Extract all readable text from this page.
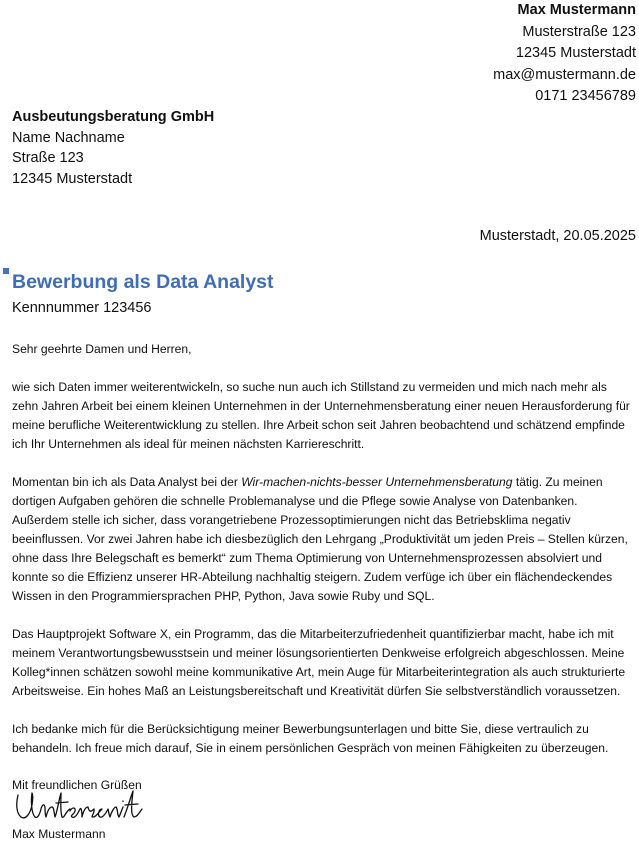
Max Mustermann
Musterstraße 123
12345 Musterstadt
max@mustermann.de
0171 23456789
Ausbeutungsberatung GmbH
Name Nachname
Straße 123
12345 Musterstadt
Musterstadt, 20.05.2025
Bewerbung als Data Analyst
Kennnummer 123456

Sehr geehrte Damen und Herren,

wie sich Daten immer weiterentwickeln, so suche nun auch ich Stillstand zu vermeiden und mich nach mehr als zehn Jahren Arbeit bei einem kleinen Unternehmen in der Unternehmensberatung einer neuen Herausforderung für meine berufliche Weiterentwicklung zu stellen. Ihre Arbeit schon seit Jahren beobachtend und schätzend empfinde ich Ihr Unternehmen als ideal für meinen nächsten Karriereschritt.

Momentan bin ich als Data Analyst bei der Wir-machen-nichts-besser Unternehmensberatung tätig. Zu meinen dortigen Aufgaben gehören die schnelle Problemanalyse und die Pflege sowie Analyse von Datenbanken. Außerdem stelle ich sicher, dass vorangetriebene Prozessoptimierungen nicht das Betriebsklima negativ beeinflussen. Vor zwei Jahren habe ich diesbezüglich den Lehrgang „Produktivität um jeden Preis – Stellen kürzen, ohne dass Ihre Belegschaft es bemerkt“ zum Thema Optimierung von Unternehmensprozessen absolviert und konnte so die Effizienz unserer HR-Abteilung nachhaltig steigern. Zudem verfüge ich über ein flächendeckendes Wissen in den Programmiersprachen PHP, Python, Java sowie Ruby und SQL.

Das Hauptprojekt Software X, ein Programm, das die Mitarbeiterzufriedenheit quantifizierbar macht, habe ich mit meinem Verantwortungsbewusstsein und meiner lösungsorientierten Denkweise erfolgreich abgeschlossen. Meine Kolleg*innen schätzen sowohl meine kommunikative Art, mein Auge für Mitarbeiterintegration als auch strukturierte Arbeitsweise. Ein hohes Maß an Leistungsbereitschaft und Kreativität dürfen Sie selbstverständlich voraussetzen.

Ich bedanke mich für die Berücksichtigung meiner Bewerbungsunterlagen und bitte Sie, diese vertraulich zu behandeln. Ich freue mich darauf, Sie in einem persönlichen Gespräch von meinen Fähigkeiten zu überzeugen.

Mit freundlichen Grüßen

Max Mustermann
